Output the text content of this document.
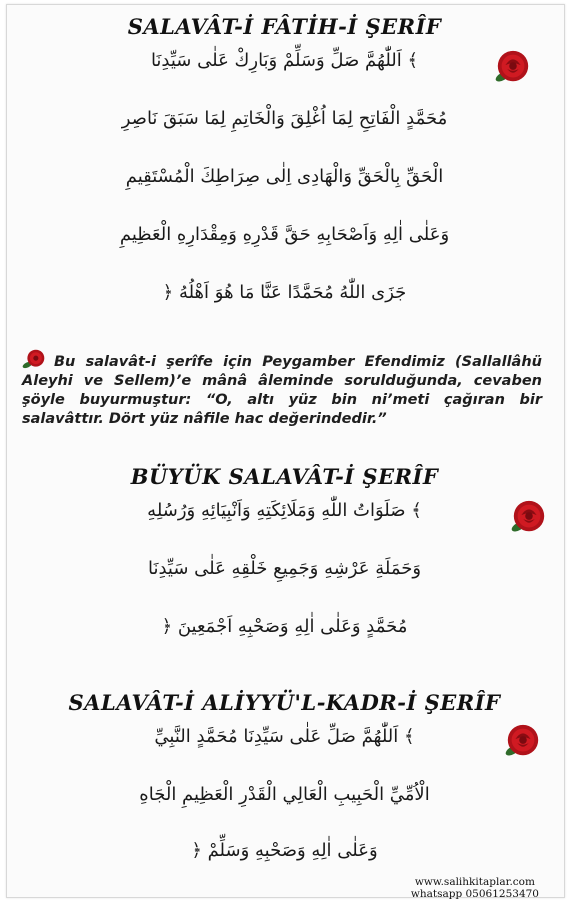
SALAVÂT-İ FÂTİH-İ ŞERÎF
﴾ اَللّٰهُمَّ صَلِّ وَسَلِّمْ وَبَارِكْ عَلٰى سَيِّدِنَا
مُحَمَّدٍ الْفَاتِحِ لِمَا اُغْلِقَ وَالْخَاتِمِ لِمَا سَبَقَ نَاصِرِ
الْحَقِّ بِالْحَقِّ وَالْهَادِى اِلٰى صِرَاطِكَ الْمُسْتَقِيمِ
وَعَلٰى اٰلِهِ وَاَصْحَابِهِ حَقَّ قَدْرِهِ وَمِقْدَارِهِ الْعَظِيمِ
جَزَى اللّٰهُ مُحَمَّدًا عَنَّا مَا هُوَ اَهْلُهُ ﴿
Bu salavât-i şerîfe için Peygamber Efendimiz (Sallallâhü Aleyhi ve Sellem)’e mânâ âleminde sorulduğunda, cevaben şöyle buyurmuştur: “O, altı yüz bin ni’meti çağıran bir salavâttır. Dört yüz nâfile hac değerindedir.”
BÜYÜK SALAVÂT-İ ŞERÎF
﴾ صَلَوَاتُ اللّٰهِ وَمَلَائِكَتِهِ وَاَنْبِيَائِهِ وَرُسُلِهِ
وَحَمَلَةِ عَرْشِهِ وَجَمِيعِ خَلْقِهِ عَلٰى سَيِّدِنَا
مُحَمَّدٍ وَعَلٰى اٰلِهِ وَصَحْبِهِ اَجْمَعِينَ ﴿
SALAVÂT-İ ALİYYÜ'L-KADR-İ ŞERÎF
﴾ اَللّٰهُمَّ صَلِّ عَلٰى سَيِّدِنَا مُحَمَّدٍ النَّبِيِّ
الْاُمِّيِّ الْحَبِيبِ الْعَالِي الْقَدْرِ الْعَظِيمِ الْجَاهِ
وَعَلٰى اٰلِهِ وَصَحْبِهِ وَسَلِّمْ ﴿
www.salihkitaplar.com
whatsapp 05061253470
